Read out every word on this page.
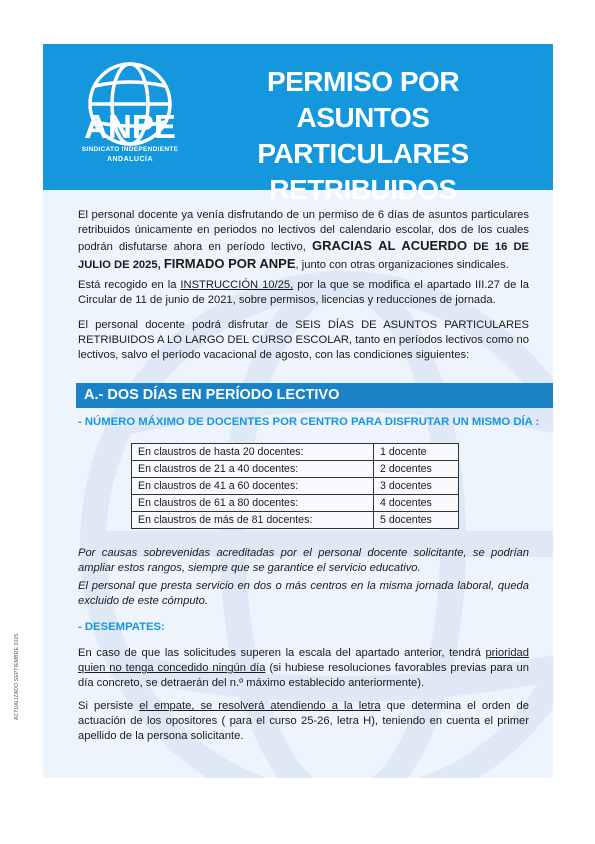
ANPE
SINDICATO INDEPENDIENTE
ANDALUCÍA
PERMISO POR
ASUNTOS PARTICULARES
RETRIBUIDOS

El personal docente ya venía disfrutando de un permiso de 6 días de asuntos particulares retribuidos únicamente en periodos no lectivos del calendario escolar, dos de los cuales podrán disfutarse ahora en período lectivo, GRACIAS AL ACUERDO DE 16 DE JULIO DE 2025, FIRMADO POR ANPE, junto con otras organizaciones sindicales.

Está recogido en la INSTRUCCIÓN 10/25, por la que se modifica el apartado III.27 de la Circular de 11 de junio de 2021, sobre permisos, licencias y reducciones de jornada.

El personal docente podrá disfrutar de SEIS DÍAS DE ASUNTOS PARTICULARES RETRIBUIDOS A LO LARGO DEL CURSO ESCOLAR, tanto en períodos lectivos como no lectivos, salvo el período vacacional de agosto, con las condiciones siguientes:

A.- DOS DÍAS EN PERÍODO LECTIVO
- NÚMERO MÁXIMO DE DOCENTES POR CENTRO PARA DISFRUTAR UN MISMO DÍA :
En claustros de hasta 20 docentes:	1 docente
En claustros de 21 a 40 docentes:	2 docentes
En claustros de 41 a 60 docentes:	3 docentes
En claustros de 61 a 80 docentes:	4 docentes
En claustros de más de 81 docentes:	5 docentes

Por causas sobrevenidas acreditadas por el personal docente solicitante, se podrían ampliar estos rangos, siempre que se garantice el servicio educativo.

El personal que presta servicio en dos o más centros en la misma jornada laboral, queda excluido de este cómputo.

- DESEMPATES:

En caso de que las solicitudes superen la escala del apartado anterior, tendrá prioridad quien no tenga concedido ningún día (si hubiese resoluciones favorables previas para un día concreto, se detraerán del n.º máximo establecido anteriormente).

Si persiste el empate, se resolverá atendiendo a la letra que determina el orden de actuación de los opositores ( para el curso 25-26, letra H), teniendo en cuenta el primer apellido de la persona solicitante.

ACTUALIZADO SEPTIEMBRE 2025
